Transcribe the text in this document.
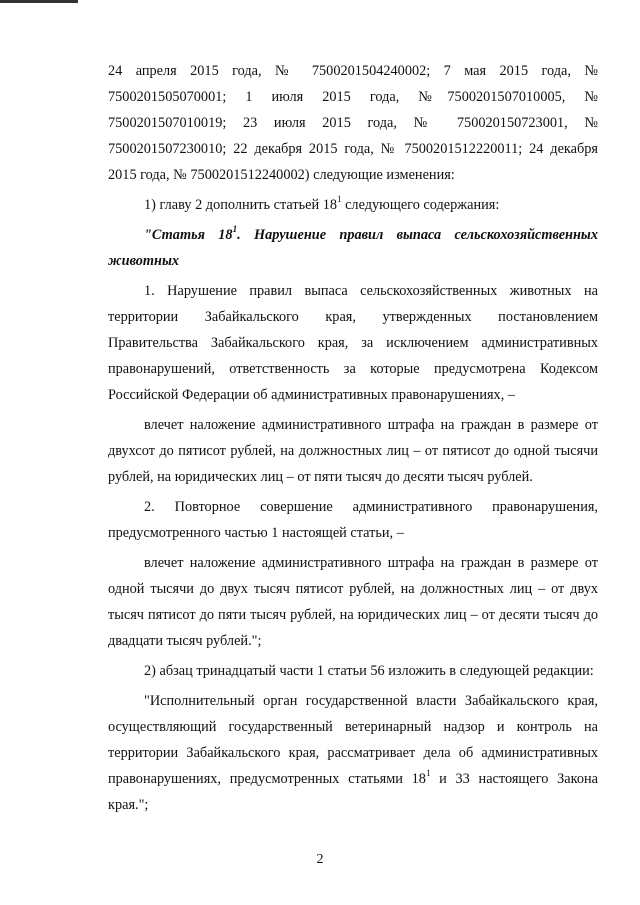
24 апреля 2015 года, № 7500201504240002; 7 мая 2015 года, № 7500201505070001; 1 июля 2015 года, №7500201507010005, № 7500201507010019; 23 июля 2015 года, № 750020150723001, № 7500201507230010; 22 декабря 2015 года, № 7500201512220011; 24 декабря 2015 года, № 7500201512240002) следующие изменения:

1) главу 2 дополнить статьей $18^1$ следующего содержания:

"Статья $18^1$. Нарушение правил выпаса сельскохозяйственных животных

1. Нарушение правил выпаса сельскохозяйственных животных на территории Забайкальского края, утвержденных постановлением Правительства Забайкальского края, за исключением административных правонарушений, ответственность за которые предусмотрена Кодексом Российской Федерации об административных правонарушениях, –

влечет наложение административного штрафа на граждан в размере от двухсот до пятисот рублей, на должностных лиц – от пятисот до одной тысячи рублей, на юридических лиц – от пяти тысяч до десяти тысяч рублей.

2. Повторное совершение административного правонарушения, предусмотренного частью 1 настоящей статьи, –

влечет наложение административного штрафа на граждан в размере от одной тысячи до двух тысяч пятисот рублей, на должностных лиц – от двух тысяч пятисот до пяти тысяч рублей, на юридических лиц – от десяти тысяч до двадцати тысяч рублей.";

2) абзац тринадцатый части 1 статьи 56 изложить в следующей редакции:

"Исполнительный орган государственной власти Забайкальского края, осуществляющий государственный ветеринарный надзор и контроль на территории Забайкальского края, рассматривает дела об административных правонарушениях, предусмотренных статьями $18^1$ и 33 настоящего Закона края.";

2
